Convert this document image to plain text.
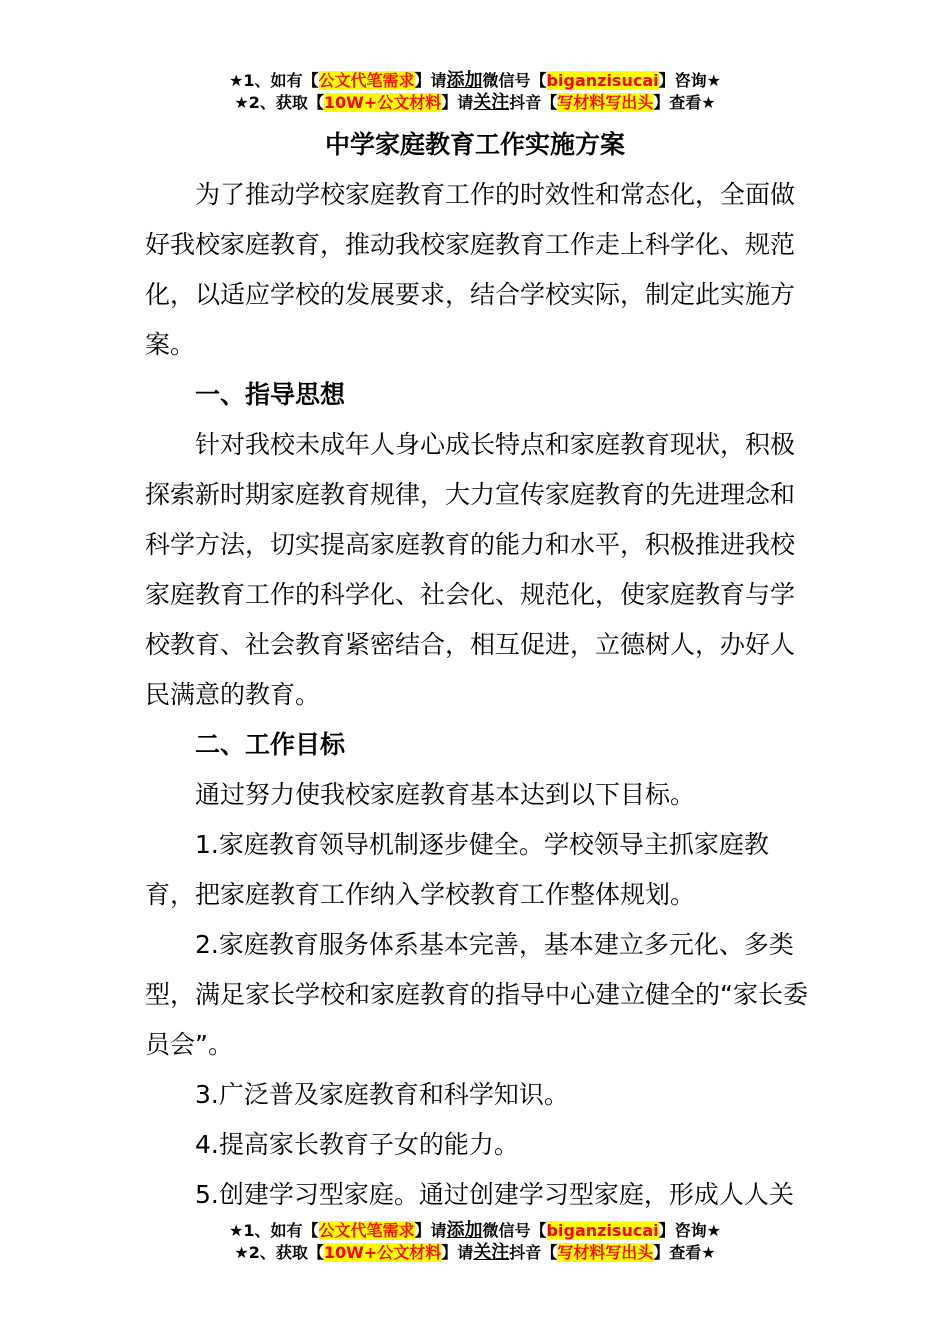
★1、如有【公文代笔需求】请添加微信号【biganzisucai】咨询★
★2、获取【10W+公文材料】请关注抖音【写材料写出头】查看★
中学家庭教育工作实施方案

为了推动学校家庭教育工作的时效性和常态化，全面做好我校家庭教育，推动我校家庭教育工作走上科学化、规范化，以适应学校的发展要求，结合学校实际，制定此实施方案。

一、指导思想

针对我校未成年人身心成长特点和家庭教育现状，积极探索新时期家庭教育规律，大力宣传家庭教育的先进理念和科学方法，切实提高家庭教育的能力和水平，积极推进我校家庭教育工作的科学化、社会化、规范化，使家庭教育与学校教育、社会教育紧密结合，相互促进，立德树人，办好人民满意的教育。

二、工作目标

通过努力使我校家庭教育基本达到以下目标。

1.家庭教育领导机制逐步健全。学校领导主抓家庭教育，把家庭教育工作纳入学校教育工作整体规划。

2.家庭教育服务体系基本完善，基本建立多元化、多类型，满足家长学校和家庭教育的指导中心建立健全的“家长委员会”。

3.广泛普及家庭教育和科学知识。

4.提高家长教育子女的能力。

5.创建学习型家庭。通过创建学习型家庭，形成人人关

★1、如有【公文代笔需求】请添加微信号【biganzisucai】咨询★
★2、获取【10W+公文材料】请关注抖音【写材料写出头】查看★
